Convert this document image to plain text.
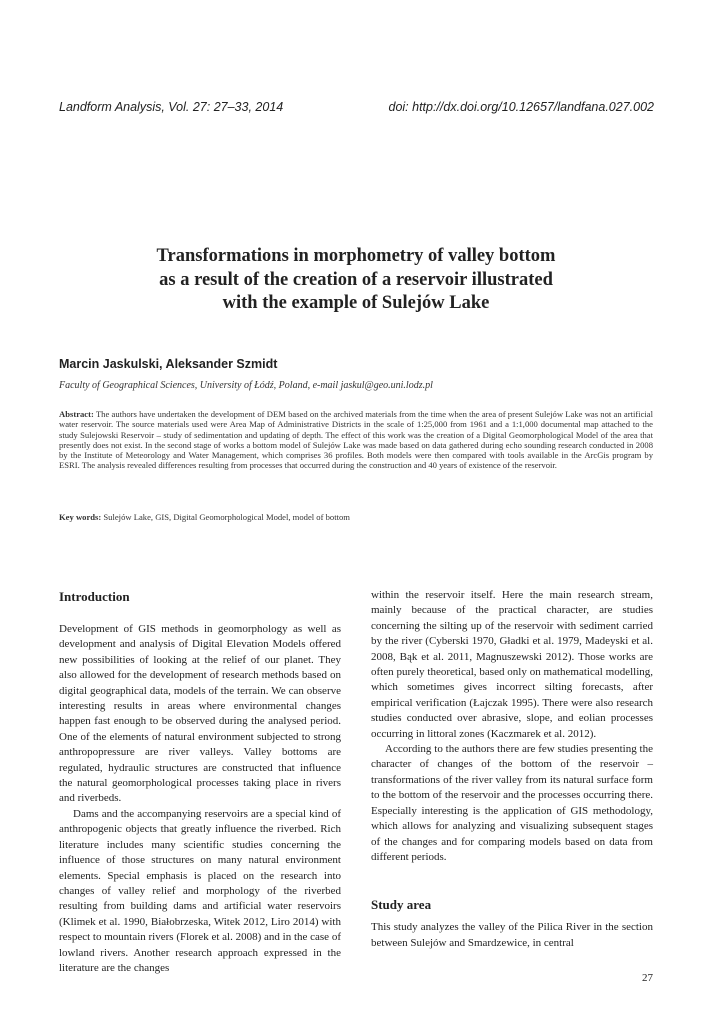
Landform Analysis, Vol. 27: 27–33, 2014	doi: http://dx.doi.org/10.12657/landfana.027.002
Transformations in morphometry of valley bottom
as a result of the creation of a reservoir illustrated
with the example of Sulejów Lake
Marcin Jaskulski, Aleksander Szmidt
Faculty of Geographical Sciences, University of Łódź, Poland, e-mail jaskul@geo.uni.lodz.pl
Abstract: The authors have undertaken the development of DEM based on the archived materials from the time when the area of present Sulejów Lake was not an artificial water reservoir. The source materials used were Area Map of Administrative Districts in the scale of 1:25,000 from 1961 and a 1:1,000 documental map attached to the study Sulejowski Reservoir – study of sedimentation and updating of depth. The effect of this work was the creation of a Digital Geomorphological Model of the area that presently does not exist. In the second stage of works a bottom model of Sulejów Lake was made based on data gathered during echo sounding research conducted in 2008 by the Institute of Meteorology and Water Management, which comprises 36 profiles. Both models were then compared with tools available in the ArcGis program by ESRI. The analysis revealed differences resulting from processes that occurred during the construction and 40 years of existence of the reservoir.
Key words: Sulejów Lake, GIS, Digital Geomorphological Model, model of bottom
Introduction

Development of GIS methods in geomorphology as well as development and analysis of Digital Elevation Models offered new possibilities of looking at the relief of our planet. They also allowed for the development of research methods based on digital geographical data, models of the terrain. We can observe interesting results in areas where environmental changes happen fast enough to be observed during the analysed period. One of the elements of natural environment subjected to strong anthropopressure are river valleys. Valley bottoms are regulated, hydraulic structures are constructed that influence the natural geomorphological processes taking place in rivers and riverbeds.

Dams and the accompanying reservoirs are a special kind of anthropogenic objects that greatly influence the riverbed. Rich literature includes many scientific studies concerning the influence of those structures on many natural environment elements. Special emphasis is placed on the research into changes of valley relief and morphology of the riverbed resulting from building dams and artificial water reservoirs (Klimek et al. 1990, Białobrzeska, Witek 2012, Liro 2014) with respect to mountain rivers (Florek et al. 2008) and in the case of lowland rivers. Another research approach expressed in the literature are the changes

within the reservoir itself. Here the main research stream, mainly because of the practical character, are studies concerning the silting up of the reservoir with sediment carried by the river (Cyberski 1970, Gładki et al. 1979, Madeyski et al. 2008, Bąk et al. 2011, Magnuszewski 2012). Those works are often purely theoretical, based only on mathematical modelling, which sometimes gives incorrect silting forecasts, after empirical verification (Łajczak 1995). There were also research studies conducted over abrasive, slope, and eolian processes occurring in littoral zones (Kaczmarek et al. 2012).

According to the authors there are few studies presenting the character of changes of the bottom of the reservoir – transformations of the river valley from its natural surface form to the bottom of the reservoir and the processes occurring there. Especially interesting is the application of GIS methodology, which allows for analyzing and visualizing subsequent stages of the changes and for comparing models based on data from different periods.

Study area

This study analyzes the valley of the Pilica River in the section between Sulejów and Smardzewice, in central

27
